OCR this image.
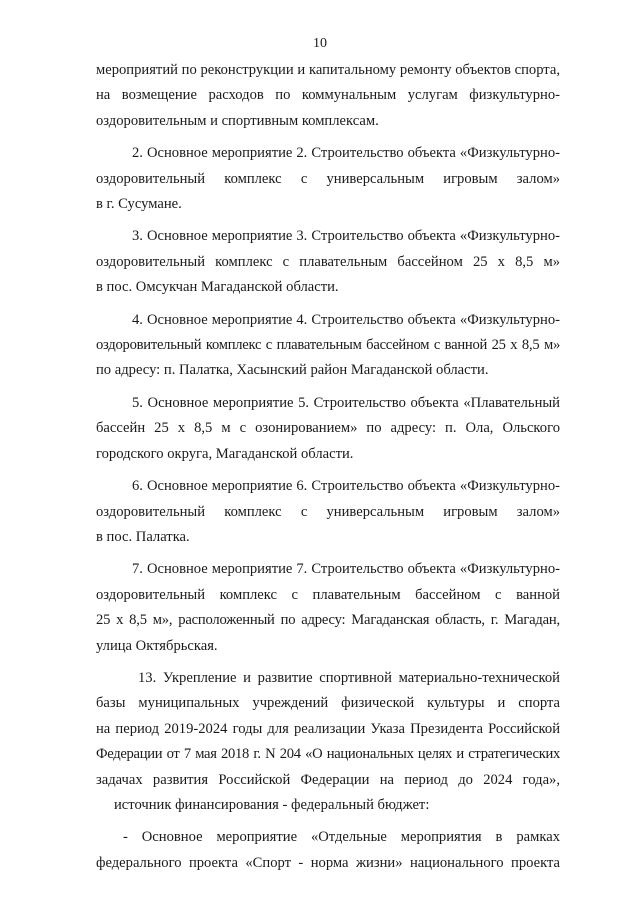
10
мероприятий по реконструкции и капитальному ремонту объектов спорта,
на возмещение расходов по коммунальным услугам физкультурно-
оздоровительным и спортивным комплексам.
2. Основное мероприятие 2. Строительство объекта «Физкультурно-
оздоровительный комплекс с универсальным игровым залом»
в г. Сусумане.
3. Основное мероприятие 3. Строительство объекта «Физкультурно-
оздоровительный комплекс с плавательным бассейном 25 х 8,5 м»
в пос. Омсукчан Магаданской области.
4. Основное мероприятие 4. Строительство объекта «Физкультурно-
оздоровительный комплекс с плавательным бассейном с ванной 25 х 8,5 м»
по адресу: п. Палатка, Хасынский район Магаданской области.
5. Основное мероприятие 5. Строительство объекта «Плавательный
бассейн 25 х 8,5 м с озонированием» по адресу: п. Ола, Ольского
городского округа, Магаданской области.
6. Основное мероприятие 6. Строительство объекта «Физкультурно-
оздоровительный комплекс с универсальным игровым залом»
в пос. Палатка.
7. Основное мероприятие 7. Строительство объекта «Физкультурно-
оздоровительный комплекс с плавательным бассейном с ванной
25 х 8,5 м», расположенный по адресу: Магаданская область, г. Магадан,
улица Октябрьская.
13. Укрепление и развитие спортивной материально-технической
базы муниципальных учреждений физической культуры и спорта
на период 2019-2024 годы для реализации Указа Президента Российской
Федерации от 7 мая 2018 г. N 204 «О национальных целях и стратегических
задачах развития Российской Федерации на период до 2024 года»,
источник финансирования - федеральный бюджет:
- Основное мероприятие «Отдельные мероприятия в рамках
федерального проекта «Спорт - норма жизни» национального проекта
